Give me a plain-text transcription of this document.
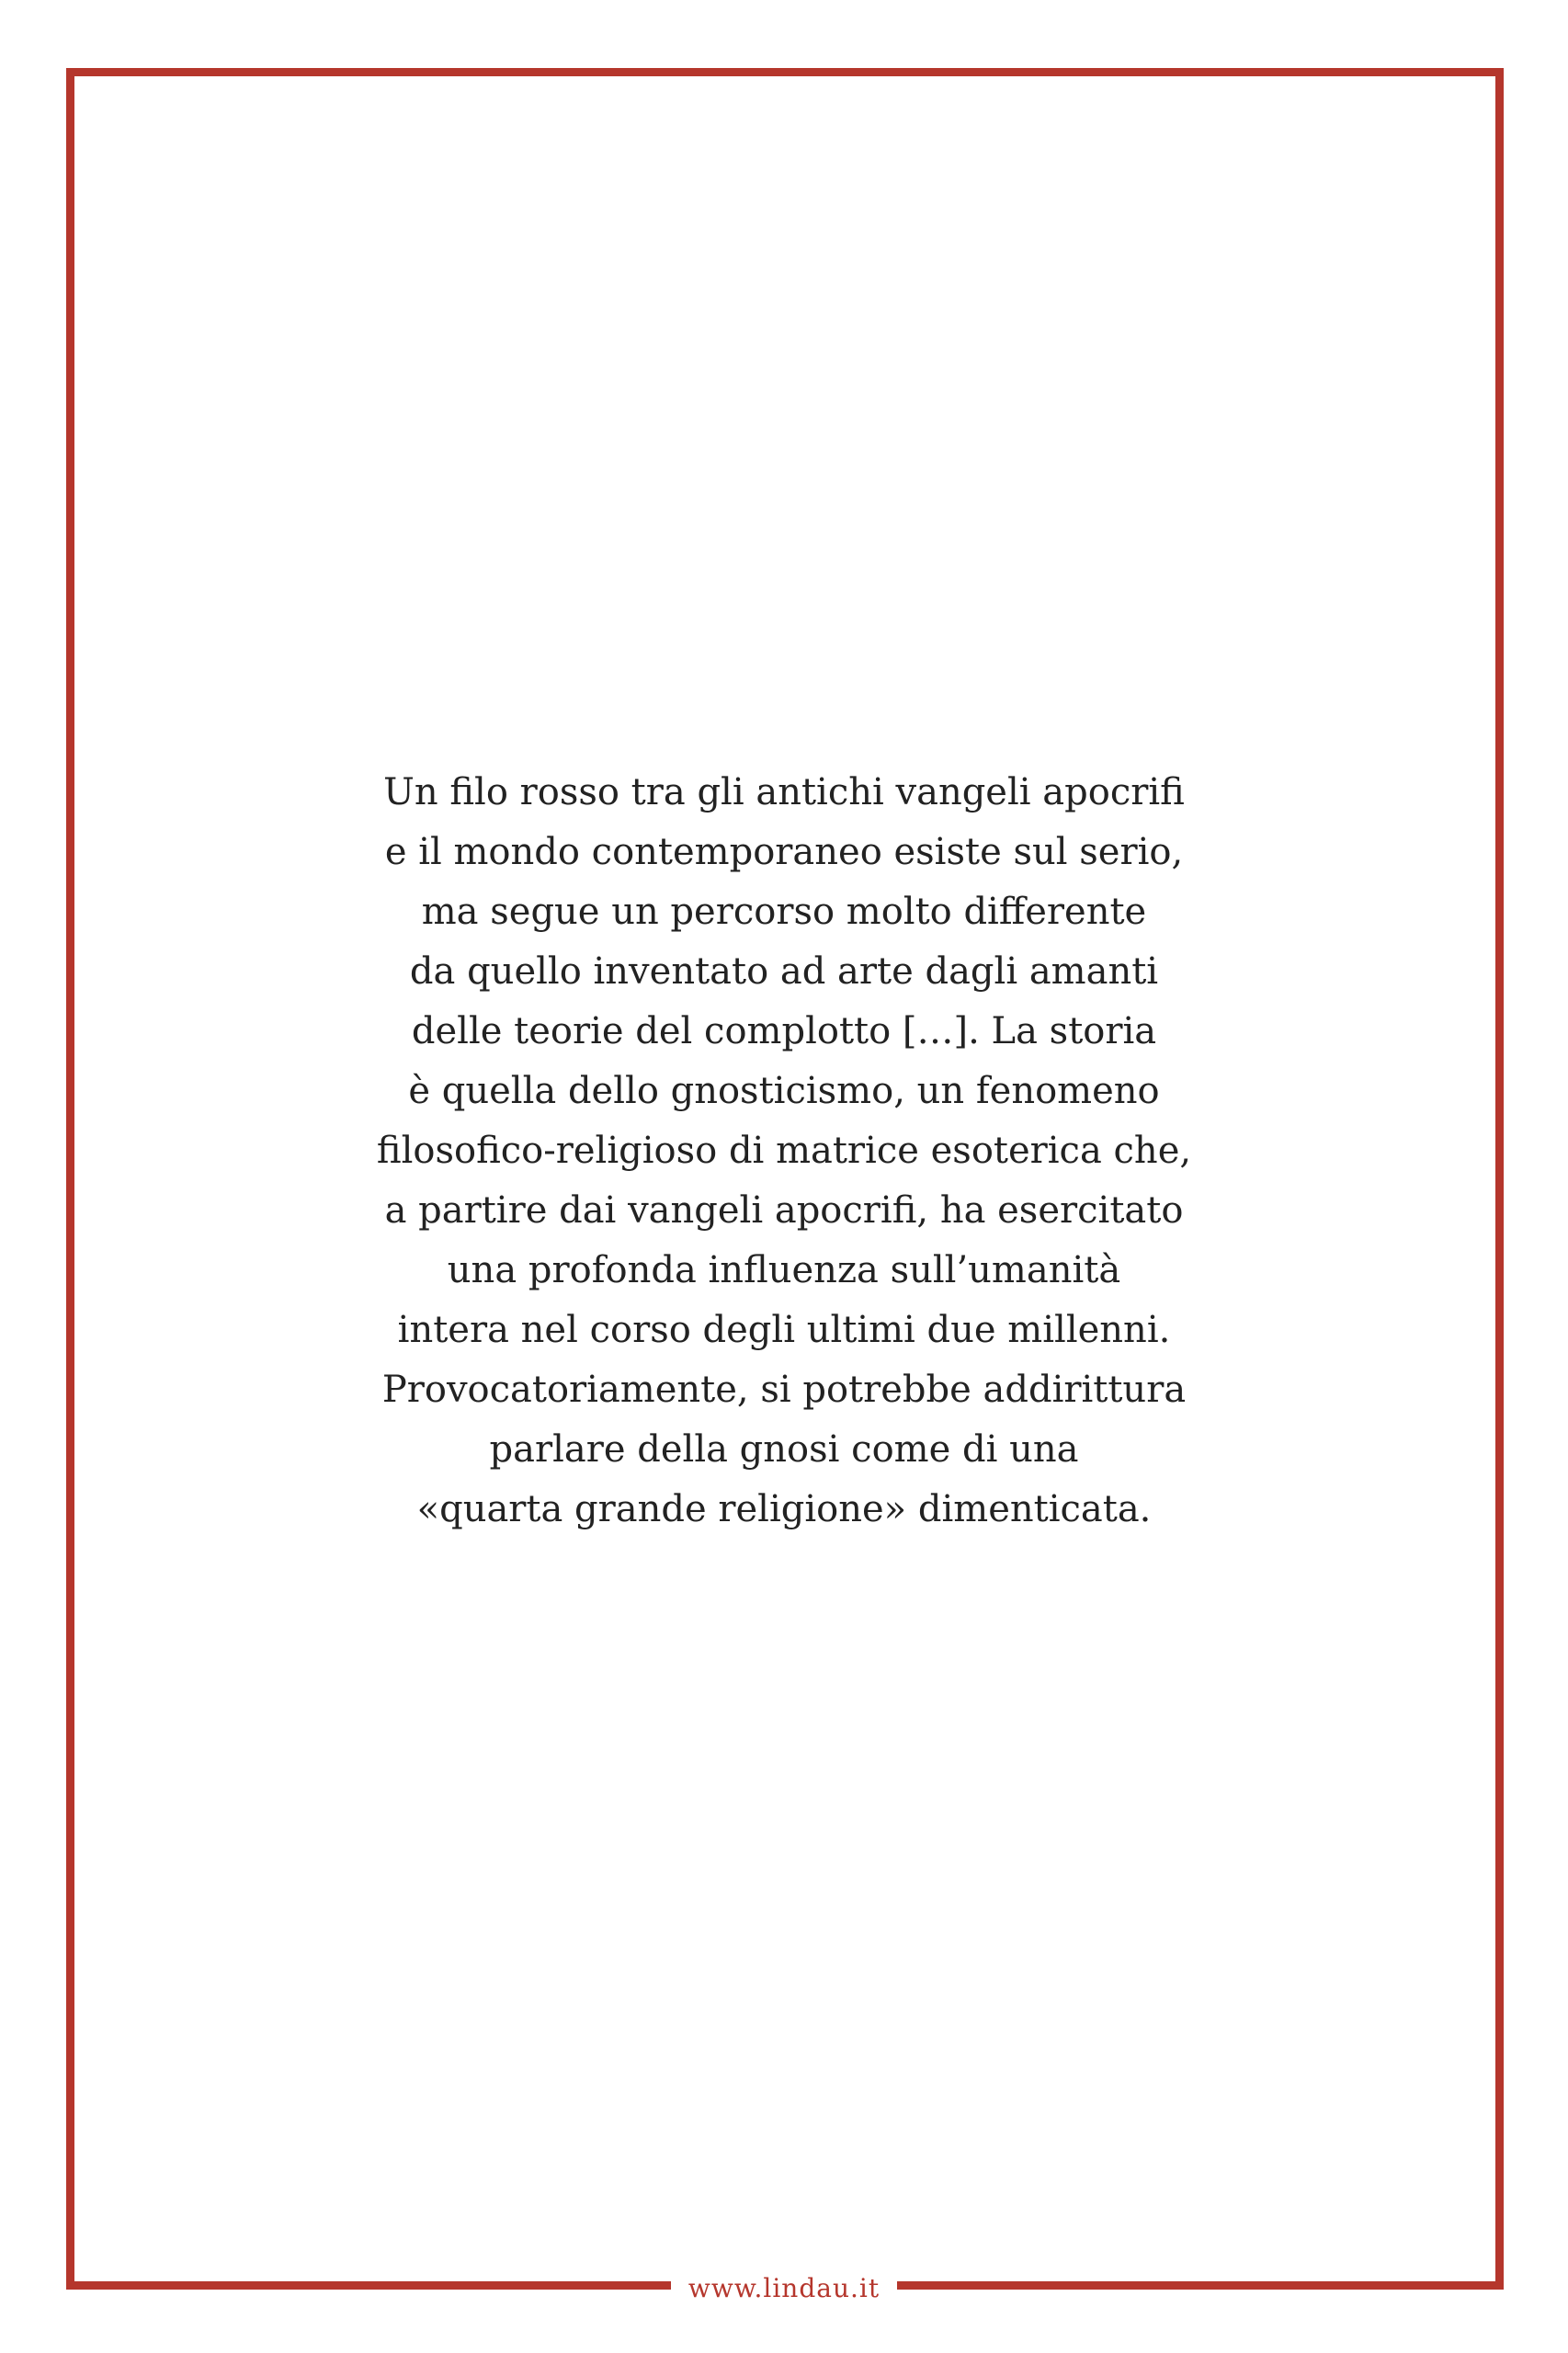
Un filo rosso tra gli antichi vangeli apocrifi
e il mondo contemporaneo esiste sul serio,
ma segue un percorso molto differente
da quello inventato ad arte dagli amanti
delle teorie del complotto […]. La storia
è quella dello gnosticismo, un fenomeno
filosofico-religioso di matrice esoterica che,
a partire dai vangeli apocrifi, ha esercitato
una profonda influenza sull’umanità
intera nel corso degli ultimi due millenni.
Provocatoriamente, si potrebbe addirittura
parlare della gnosi come di una
«quarta grande religione» dimenticata.
www.lindau.it
